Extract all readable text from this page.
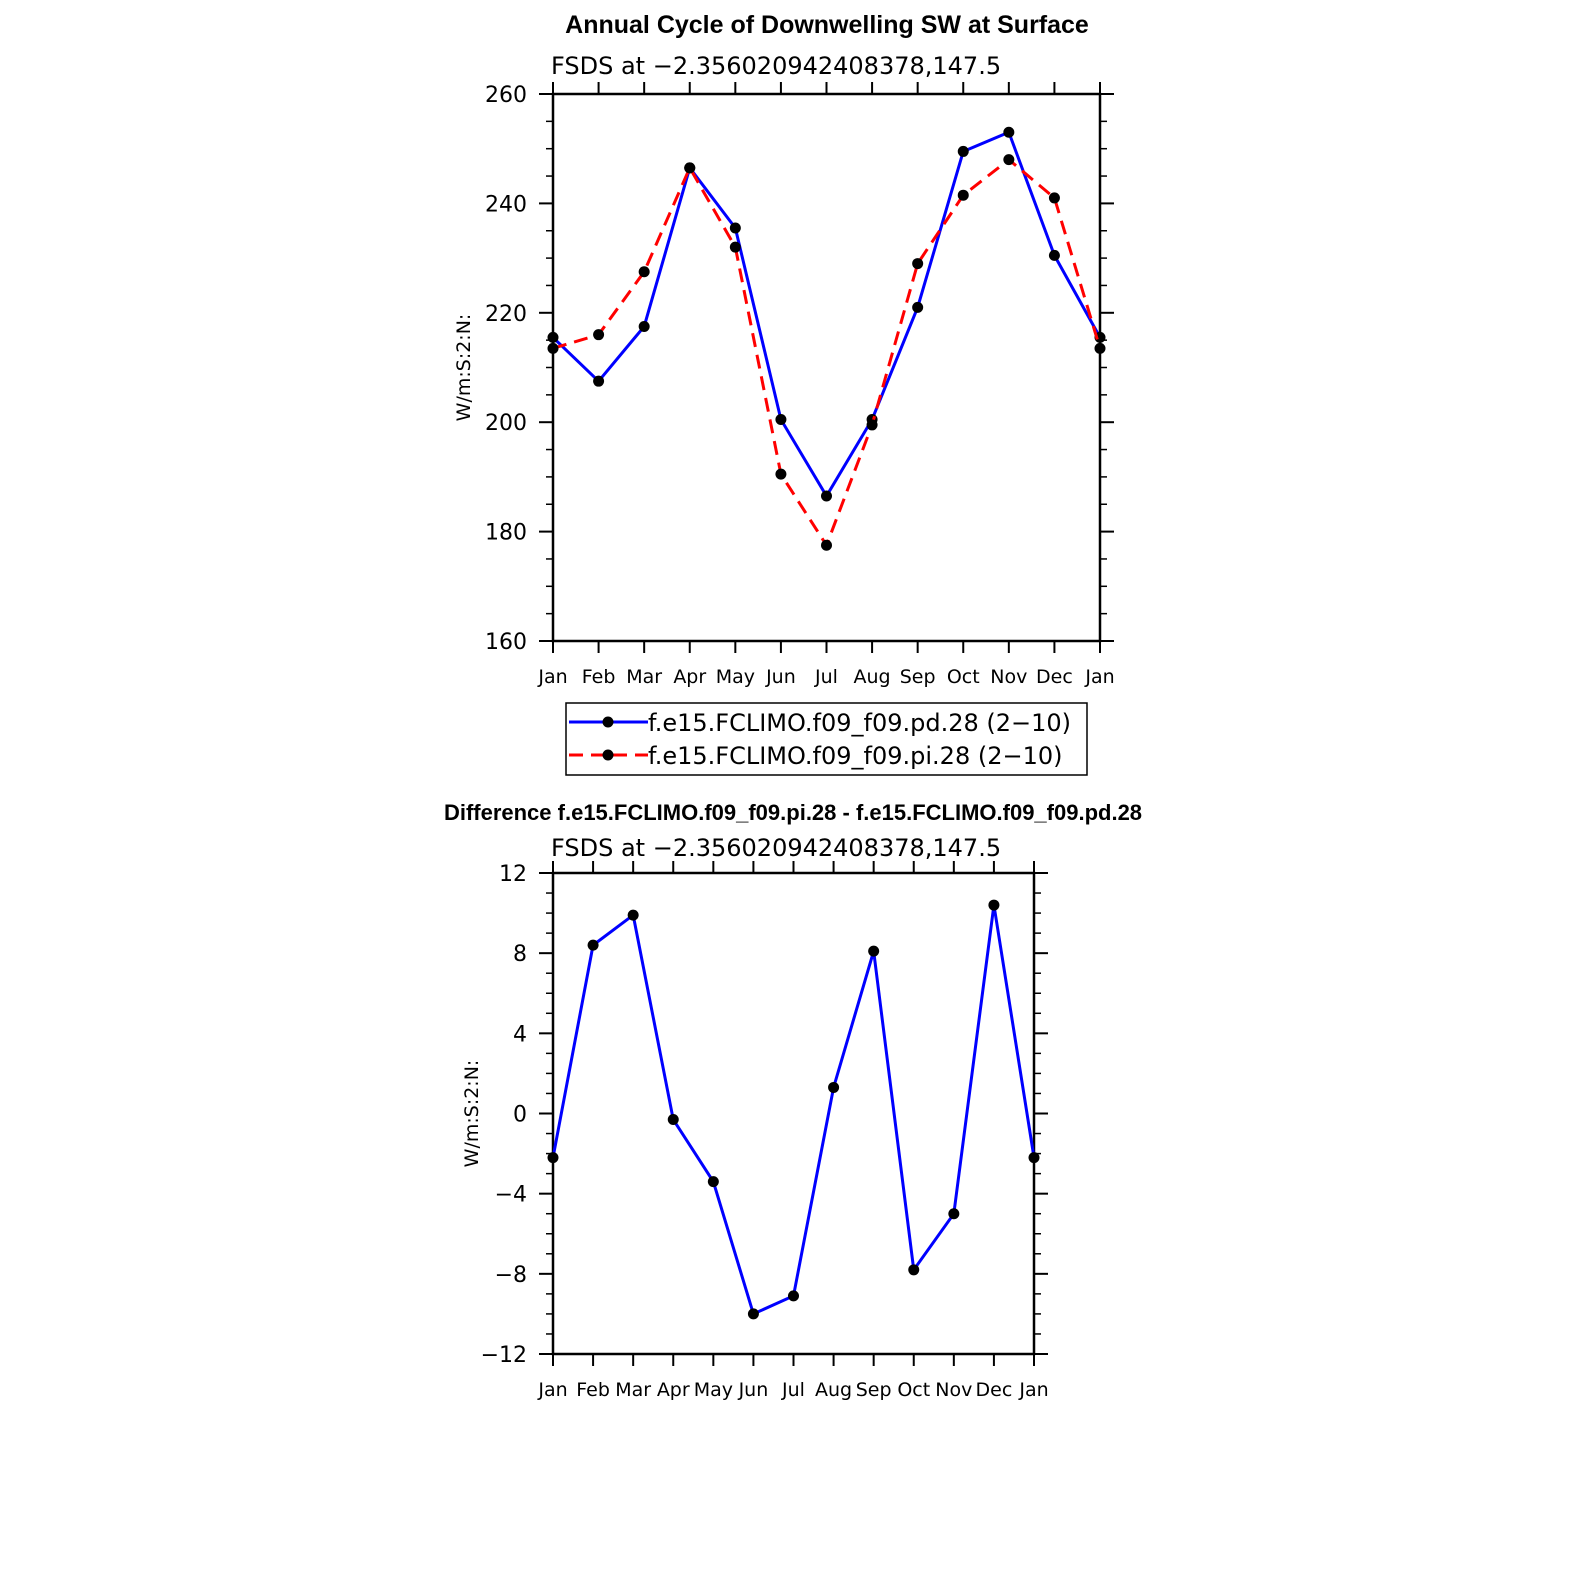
Annual Cycle of Downwelling SW at Surface
FSDS at −2.356020942408378,147.5
Jan Feb Mar Apr May Jun Jul Aug Sep Oct Nov Dec Jan
160
180
200
220
240
260
W/m:S:2:N:
f.e15.FCLIMO.f09_f09.pd.28 (2−10)
f.e15.FCLIMO.f09_f09.pi.28 (2−10)
Difference f.e15.FCLIMO.f09_f09.pi.28 - f.e15.FCLIMO.f09_f09.pd.28
FSDS at −2.356020942408378,147.5
Jan Feb Mar Apr May Jun Jul Aug Sep Oct Nov Dec Jan
−12
−8
−4
0
4
8
12
W/m:S:2:N:
